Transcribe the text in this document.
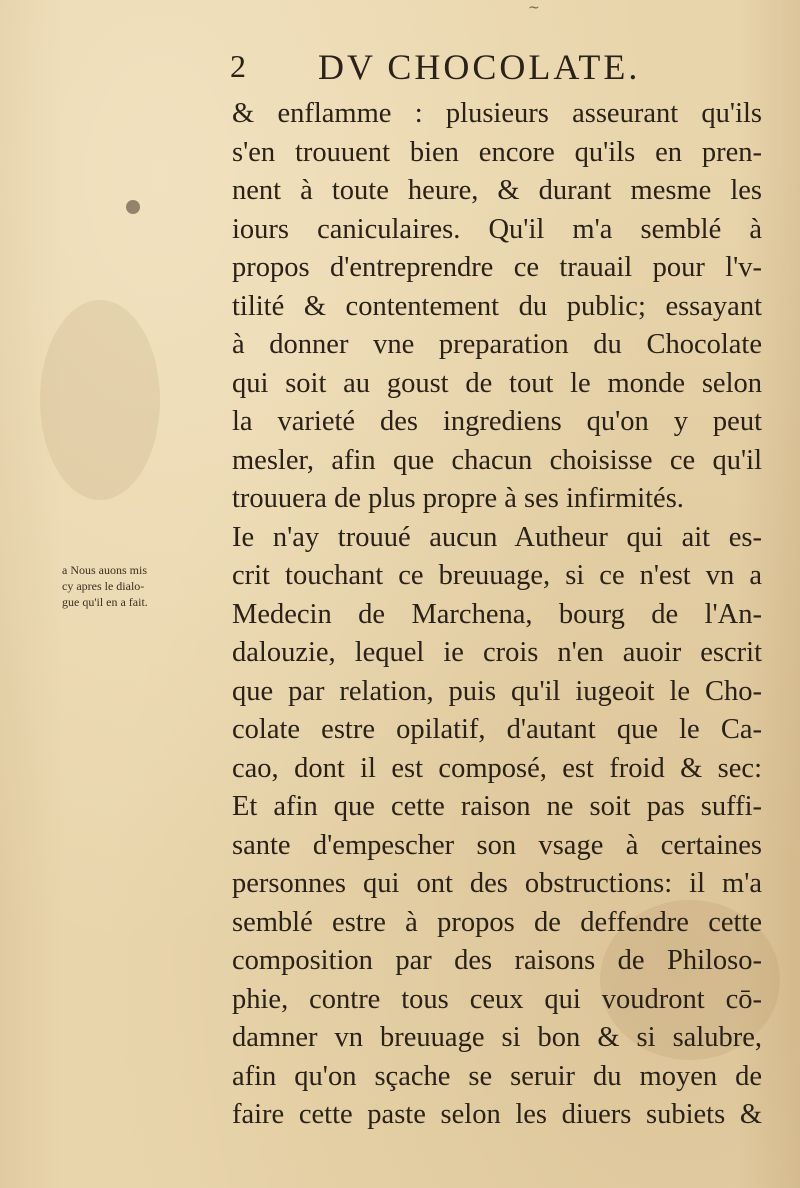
~
2 DV CHOCOLATE.
a Nous auons mis
cy apres le dialo-
gue qu'il en a fait.
& enflamme : plusieurs asseurant qu'ils
s'en trouuent bien encore qu'ils en pren-
nent à toute heure, & durant mesme les
iours caniculaires. Qu'il m'a semblé à
propos d'entreprendre ce trauail pour l'v-
tilité & contentement du public; essayant
à donner vne preparation du Chocolate
qui soit au goust de tout le monde selon
la varieté des ingrediens qu'on y peut
mesler, afin que chacun choisisse ce qu'il
trouuera de plus propre à ses infirmités.
Ie n'ay trouué aucun Autheur qui ait es-
crit touchant ce breuuage, si ce n'est vn a
Medecin de Marchena, bourg de l'An-
dalouzie, lequel ie crois n'en auoir escrit
que par relation, puis qu'il iugeoit le Cho-
colate estre opilatif, d'autant que le Ca-
cao, dont il est composé, est froid & sec:
Et afin que cette raison ne soit pas suffi-
sante d'empescher son vsage à certaines
personnes qui ont des obstructions: il m'a
semblé estre à propos de deffendre cette
composition par des raisons de Philoso-
phie, contre tous ceux qui voudront cō-
damner vn breuuage si bon & si salubre,
afin qu'on sçache se seruir du moyen de
faire cette paste selon les diuers subiets &
